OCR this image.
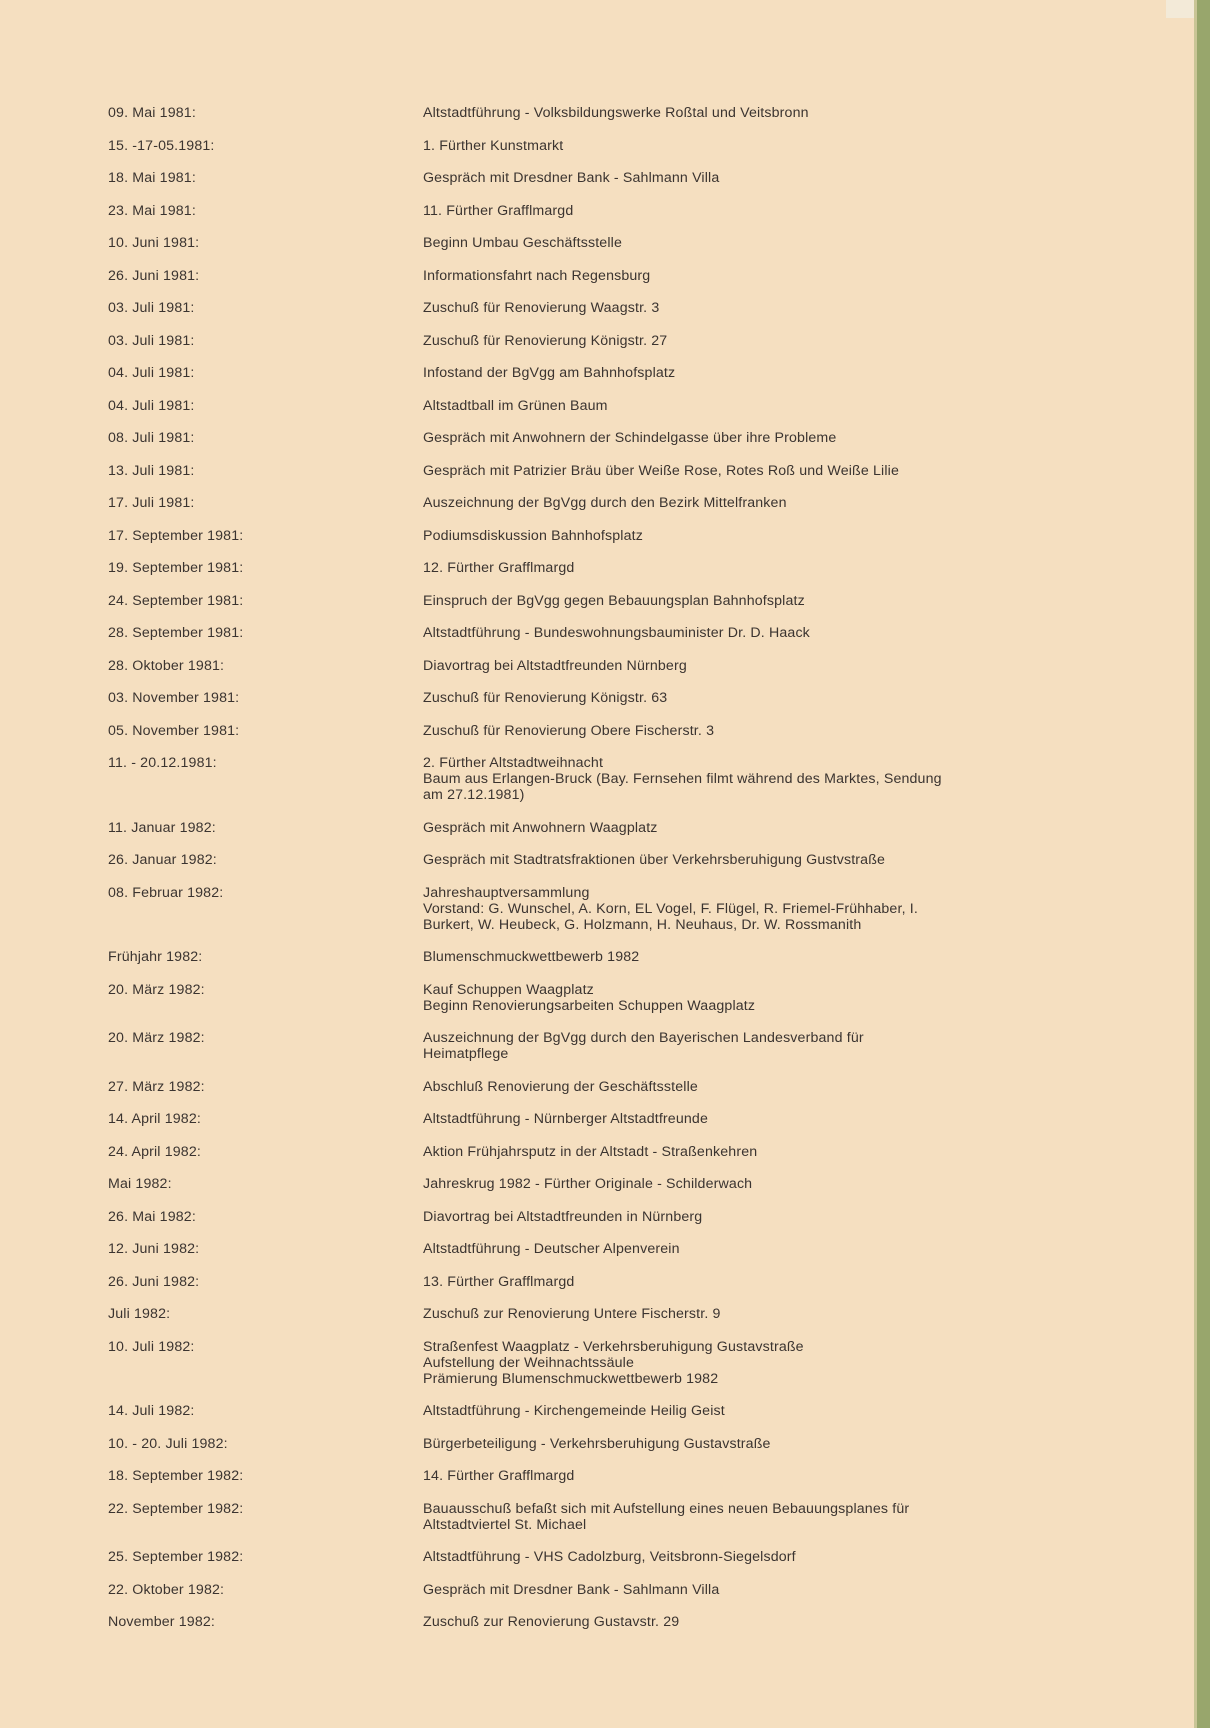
09. Mai 1981:	Altstadtführung - Volksbildungswerke Roßtal und Veitsbronn
15. -17-05.1981:	1. Fürther Kunstmarkt
18. Mai 1981:	Gespräch mit Dresdner Bank - Sahlmann Villa
23. Mai 1981:	11. Fürther Grafflmargd
10. Juni 1981:	Beginn Umbau Geschäftsstelle
26. Juni 1981:	Informationsfahrt nach Regensburg
03. Juli 1981:	Zuschuß für Renovierung Waagstr. 3
03. Juli 1981:	Zuschuß für Renovierung Königstr. 27
04. Juli 1981:	Infostand der BgVgg am Bahnhofsplatz
04. Juli 1981:	Altstadtball im Grünen Baum
08. Juli 1981:	Gespräch mit Anwohnern der Schindelgasse über ihre Probleme
13. Juli 1981:	Gespräch mit Patrizier Bräu über Weiße Rose, Rotes Roß und Weiße Lilie
17. Juli 1981:	Auszeichnung der BgVgg durch den Bezirk Mittelfranken
17. September 1981:	Podiumsdiskussion Bahnhofsplatz
19. September 1981:	12. Fürther Grafflmargd
24. September 1981:	Einspruch der BgVgg gegen Bebauungsplan Bahnhofsplatz
28. September 1981:	Altstadtführung - Bundeswohnungsbauminister Dr. D. Haack
28. Oktober 1981:	Diavortrag bei Altstadtfreunden Nürnberg
03. November 1981:	Zuschuß für Renovierung Königstr. 63
05. November 1981:	Zuschuß für Renovierung Obere Fischerstr. 3
11. - 20.12.1981:	2. Fürther Altstadtweihnacht
Baum aus Erlangen-Bruck (Bay. Fernsehen filmt während des Marktes, Sendung
am 27.12.1981)
11. Januar 1982:	Gespräch mit Anwohnern Waagplatz
26. Januar 1982:	Gespräch mit Stadtratsfraktionen über Verkehrsberuhigung Gustvstraße
08. Februar 1982:	Jahreshauptversammlung
Vorstand: G. Wunschel, A. Korn, EL Vogel, F. Flügel, R. Friemel-Frühhaber, I.
Burkert, W. Heubeck, G. Holzmann, H. Neuhaus, Dr. W. Rossmanith
Frühjahr 1982:	Blumenschmuckwettbewerb 1982
20. März 1982:	Kauf Schuppen Waagplatz
Beginn Renovierungsarbeiten Schuppen Waagplatz
20. März 1982:	Auszeichnung der BgVgg durch den Bayerischen Landesverband für
Heimatpflege
27. März 1982:	Abschluß Renovierung der Geschäftsstelle
14. April 1982:	Altstadtführung - Nürnberger Altstadtfreunde
24. April 1982:	Aktion Frühjahrsputz in der Altstadt - Straßenkehren
Mai 1982:	Jahreskrug 1982 - Fürther Originale - Schilderwach
26. Mai 1982:	Diavortrag bei Altstadtfreunden in Nürnberg
12. Juni 1982:	Altstadtführung - Deutscher Alpenverein
26. Juni 1982:	13. Fürther Grafflmargd
Juli 1982:	Zuschuß zur Renovierung Untere Fischerstr. 9
10. Juli 1982:	Straßenfest Waagplatz - Verkehrsberuhigung Gustavstraße
Aufstellung der Weihnachtssäule
Prämierung Blumenschmuckwettbewerb 1982
14. Juli 1982:	Altstadtführung - Kirchengemeinde Heilig Geist
10. - 20. Juli 1982:	Bürgerbeteiligung - Verkehrsberuhigung Gustavstraße
18. September 1982:	14. Fürther Grafflmargd
22. September 1982:	Bauausschuß befaßt sich mit Aufstellung eines neuen Bebauungsplanes für
Altstadtviertel St. Michael
25. September 1982:	Altstadtführung - VHS Cadolzburg, Veitsbronn-Siegelsdorf
22. Oktober 1982:	Gespräch mit Dresdner Bank - Sahlmann Villa
November 1982:	Zuschuß zur Renovierung Gustavstr. 29
